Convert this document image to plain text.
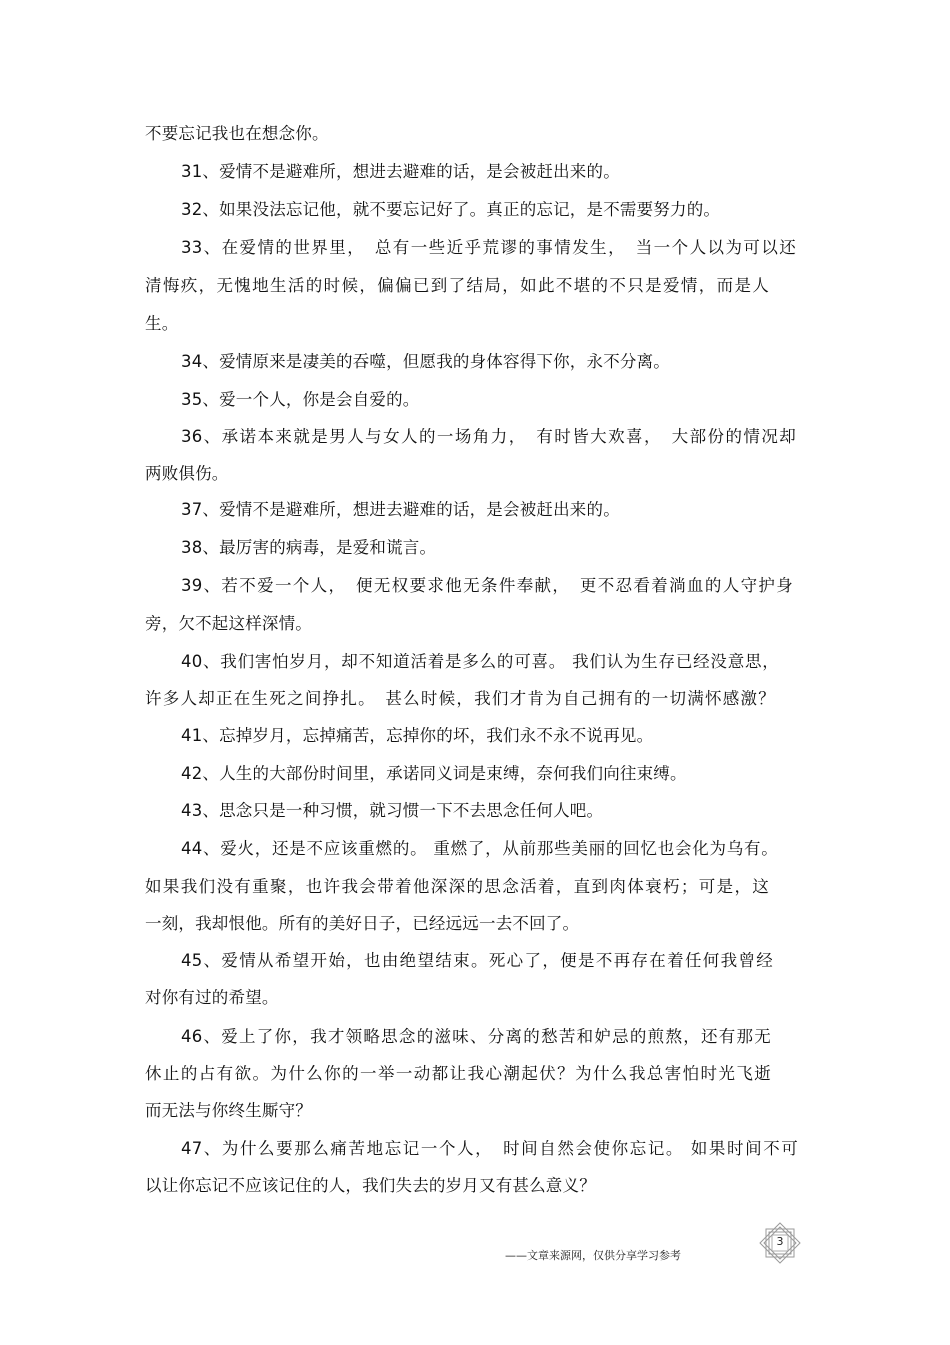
不要忘记我也在想念你。
31、爱情不是避难所，想进去避难的话，是会被赶出来的。
32、如果没法忘记他，就不要忘记好了。真正的忘记，是不需要努力的。
33、在爱情的世界里，　总有一些近乎荒谬的事情发生，　当一个人以为可以还
清悔疚，无愧地生活的时候，偏偏已到了结局，如此不堪的不只是爱情，而是人
生。
34、爱情原来是凄美的吞噬，但愿我的身体容得下你，永不分离。
35、爱一个人，你是会自爱的。
36、承诺本来就是男人与女人的一场角力，　有时皆大欢喜，　大部份的情况却
两败俱伤。
37、爱情不是避难所，想进去避难的话，是会被赶出来的。
38、最厉害的病毒，是爱和谎言。
39、若不爱一个人，　便无权要求他无条件奉献，　更不忍看着淌血的人守护身
旁，欠不起这样深情。
40、我们害怕岁月，却不知道活着是多么的可喜。 我们认为生存已经没意思，
许多人却正在生死之间挣扎。　甚么时候，我们才肯为自己拥有的一切满怀感激？
41、忘掉岁月，忘掉痛苦，忘掉你的坏，我们永不永不说再见。
42、人生的大部份时间里，承诺同义词是束缚，奈何我们向往束缚。
43、思念只是一种习惯，就习惯一下不去思念任何人吧。
44、爱火，还是不应该重燃的。 重燃了，从前那些美丽的回忆也会化为乌有。
如果我们没有重聚，也许我会带着他深深的思念活着，直到肉体衰朽；可是，这
一刻，我却恨他。所有的美好日子，已经远远一去不回了。
45、爱情从希望开始，也由绝望结束。死心了，便是不再存在着任何我曾经
对你有过的希望。
46、爱上了你，我才领略思念的滋味、分离的愁苦和妒忌的煎熬，还有那无
休止的占有欲。为什么你的一举一动都让我心潮起伏？为什么我总害怕时光飞逝
而无法与你终生厮守？
47、为什么要那么痛苦地忘记一个人，　时间自然会使你忘记。 如果时间不可
以让你忘记不应该记住的人，我们失去的岁月又有甚么意义？
——文章来源网，仅供分享学习参考
3
